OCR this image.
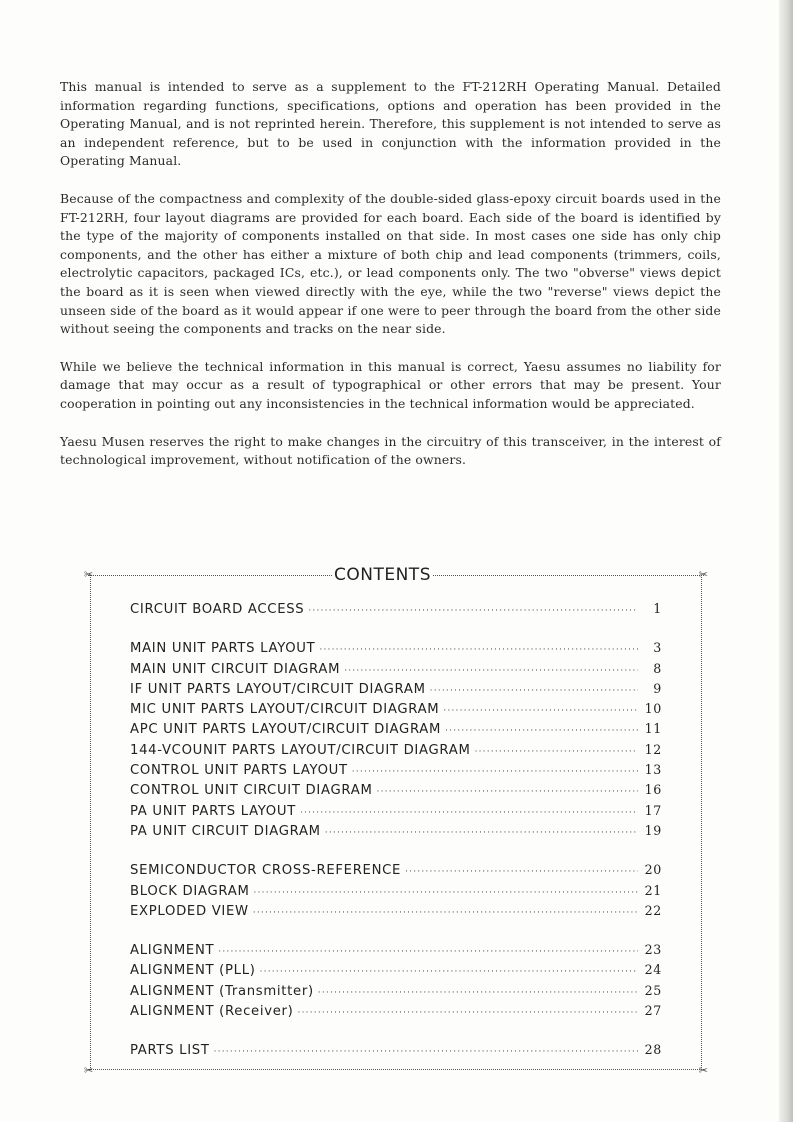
This manual is intended to serve as a supplement to the FT-212RH Operating Manual. Detailed information regarding functions, specifications, options and operation has been provided in the Operating Manual, and is not reprinted herein. Therefore, this supplement is not intended to serve as an independent reference, but to be used in conjunction with the information provided in the Operating Manual.

Because of the compactness and complexity of the double-sided glass-epoxy circuit boards used in the FT-212RH, four layout diagrams are provided for each board. Each side of the board is identified by the type of the majority of components installed on that side. In most cases one side has only chip components, and the other has either a mixture of both chip and lead components (trimmers, coils, electrolytic capacitors, packaged ICs, etc.), or lead components only. The two "obverse" views depict the board as it is seen when viewed directly with the eye, while the two "reverse" views depict the unseen side of the board as it would appear if one were to peer through the board from the other side without seeing the components and tracks on the near side.

While we believe the technical information in this manual is correct, Yaesu assumes no liability for damage that may occur as a result of typographical or other errors that may be present. Your cooperation in pointing out any inconsistencies in the technical information would be appreciated.

Yaesu Musen reserves the right to make changes in the circuitry of this transceiver, in the interest of technological improvement, without notification of the owners.

✂	✂
✂	✂
CONTENTS
CIRCUIT BOARD ACCESS ·····	1
MAIN UNIT PARTS LAYOUT ·····	3
MAIN UNIT CIRCUIT DIAGRAM ·····	8
IF UNIT PARTS LAYOUT/CIRCUIT DIAGRAM ·····	9
MIC UNIT PARTS LAYOUT/CIRCUIT DIAGRAM ·····	10
APC UNIT PARTS LAYOUT/CIRCUIT DIAGRAM ·····	11
144-VCOUNIT PARTS LAYOUT/CIRCUIT DIAGRAM ·····	12
CONTROL UNIT PARTS LAYOUT ·····	13
CONTROL UNIT CIRCUIT DIAGRAM ·····	16
PA UNIT PARTS LAYOUT ·····	17
PA UNIT CIRCUIT DIAGRAM ·····	19
SEMICONDUCTOR CROSS-REFERENCE ·····	20
BLOCK DIAGRAM ·····	21
EXPLODED VIEW ·····	22
ALIGNMENT ·····	23
ALIGNMENT (PLL) ·····	24
ALIGNMENT (Transmitter) ·····	25
ALIGNMENT (Receiver) ·····	27
PARTS LIST ·····	28
